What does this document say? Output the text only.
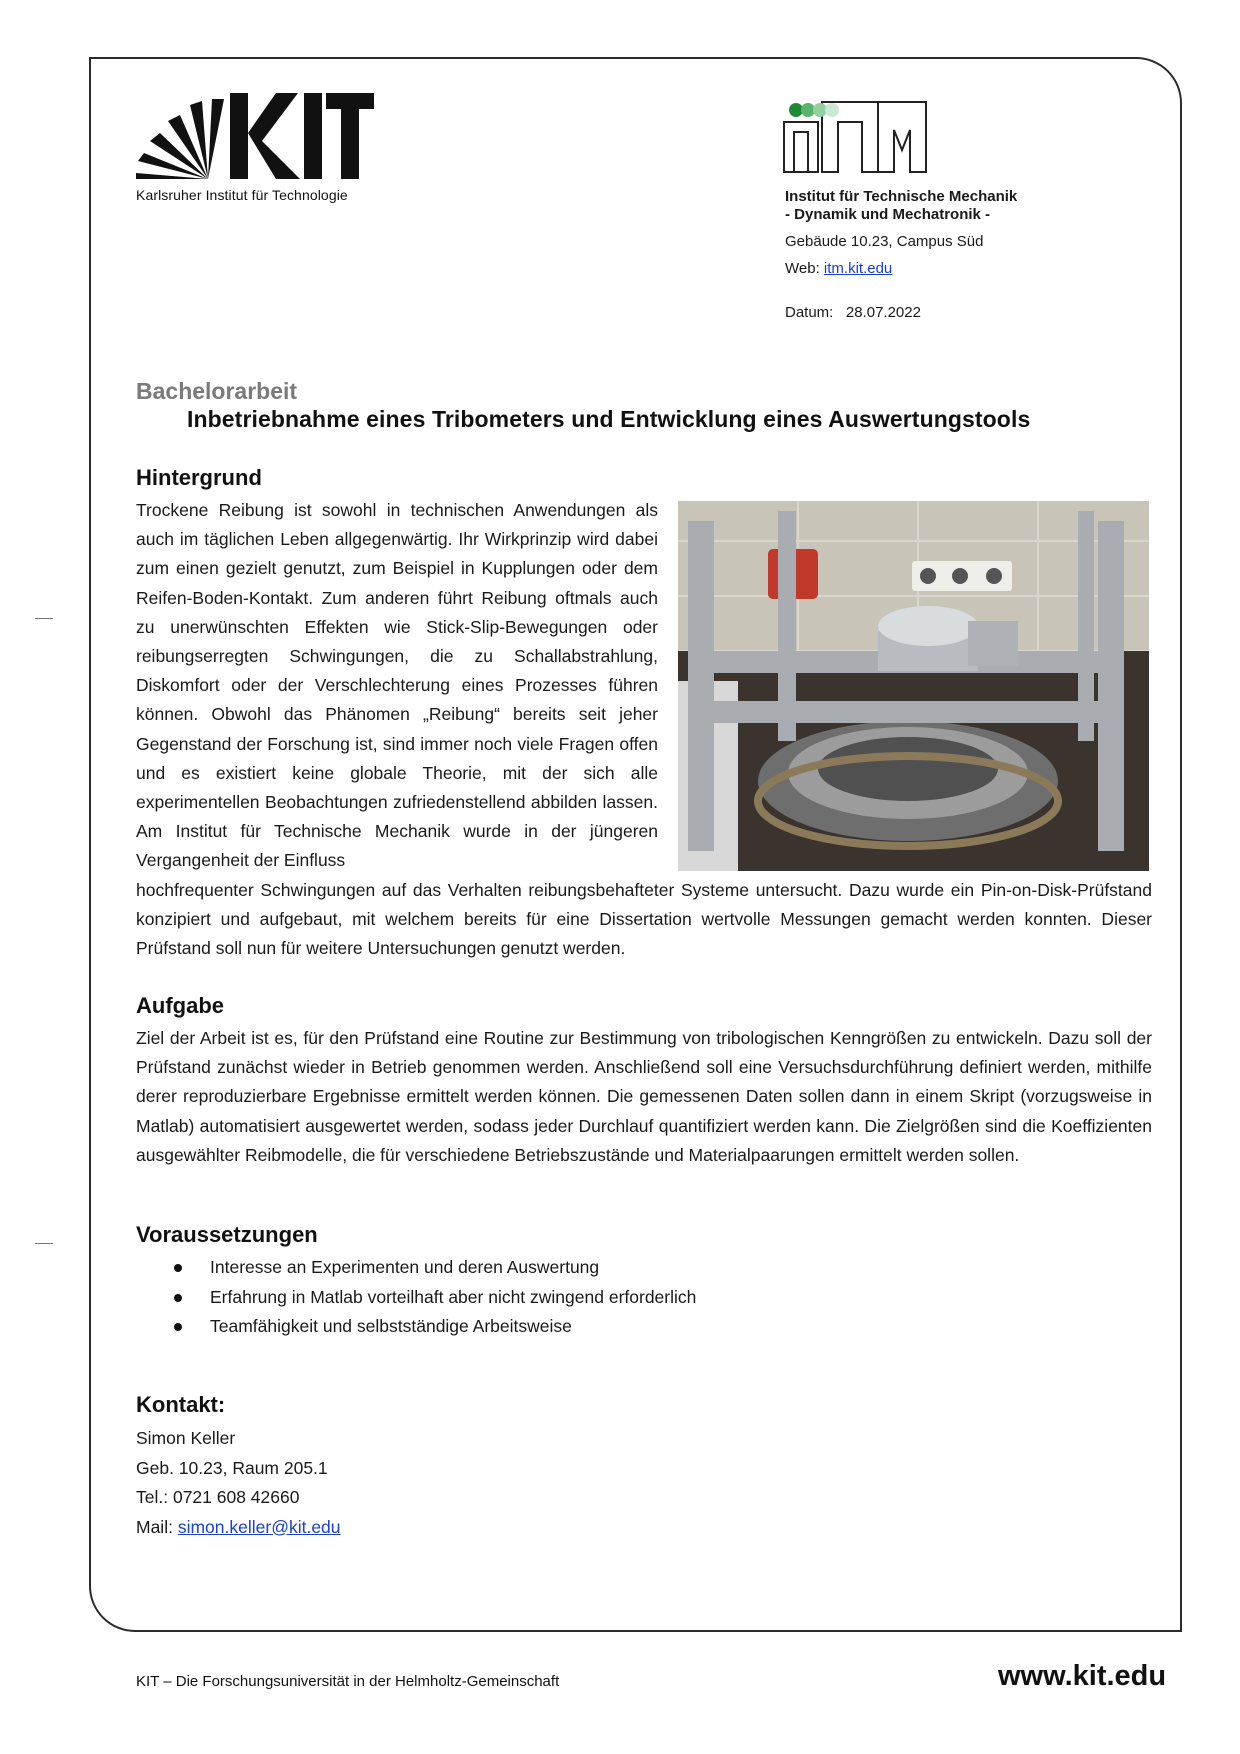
Karlsruher Institut für Technologie	Institut für Technische Mechanik
- Dynamik und Mechatronik -
Gebäude 10.23, Campus Süd
Web: itm.kit.edu
Datum: 28.07.2022
Bachelorarbeit
Inbetriebnahme eines Tribometers und Entwicklung eines Auswertungstools
Hintergrund
Trockene Reibung ist sowohl in technischen Anwendungen als auch im täglichen Leben allgegenwärtig. Ihr Wirkprinzip wird dabei zum einen gezielt genutzt, zum Beispiel in Kupplungen oder dem Reifen-Boden-Kontakt. Zum anderen führt Reibung oftmals auch zu unerwünschten Effekten wie Stick-Slip-Bewegungen oder reibungserregten Schwingungen, die zu Schallabstrahlung, Diskomfort oder der Verschlechterung eines Prozesses führen können. Obwohl das Phänomen „Reibung“ bereits seit jeher Gegenstand der Forschung ist, sind immer noch viele Fragen offen und es existiert keine globale Theorie, mit der sich alle experimentellen Beobachtungen zufriedenstellend abbilden lassen. Am Institut für Technische Mechanik wurde in der jüngeren Vergangenheit der Einfluss
hochfrequenter Schwingungen auf das Verhalten reibungsbehafteter Systeme untersucht. Dazu wurde ein Pin-on-Disk-Prüfstand konzipiert und aufgebaut, mit welchem bereits für eine Dissertation wertvolle Messungen gemacht werden konnten. Dieser Prüfstand soll nun für weitere Untersuchungen genutzt werden.
Aufgabe
Ziel der Arbeit ist es, für den Prüfstand eine Routine zur Bestimmung von tribologischen Kenngrößen zu entwickeln. Dazu soll der Prüfstand zunächst wieder in Betrieb genommen werden. Anschließend soll eine Versuchsdurchführung definiert werden, mithilfe derer reproduzierbare Ergebnisse ermittelt werden können. Die gemessenen Daten sollen dann in einem Skript (vorzugsweise in Matlab) automatisiert ausgewertet werden, sodass jeder Durchlauf quantifiziert werden kann. Die Zielgrößen sind die Koeffizienten ausgewählter Reibmodelle, die für verschiedene Betriebszustände und Materialpaarungen ermittelt werden sollen.
Voraussetzungen
Interesse an Experimenten und deren Auswertung
Erfahrung in Matlab vorteilhaft aber nicht zwingend erforderlich
Teamfähigkeit und selbstständige Arbeitsweise
Kontakt:
Simon Keller
Geb. 10.23, Raum 205.1
Tel.: 0721 608 42660
Mail: simon.keller@kit.edu
KIT – Die Forschungsuniversität in der Helmholtz-Gemeinschaft	www.kit.edu
